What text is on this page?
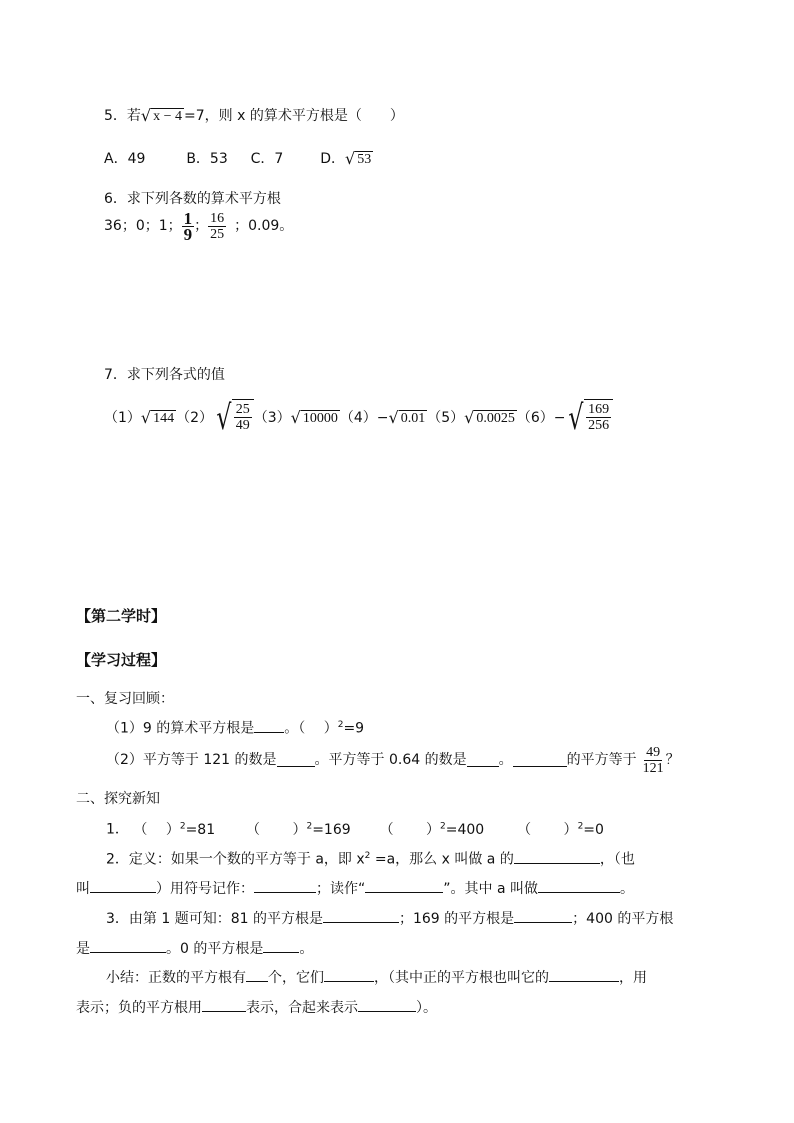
5．若 √ x − 4 =7，则 x 的算术平方根是（　　）
A．49	B．53 C．7	D． √ 53
6．求下列各数的算术平方根
36；0；1； $\frac{1}{9}$ ； $\frac{16}{25}$ ；0.09。
7．求下列各式的值
（1） √ 144 （2） √ $\frac{25}{49} (3)$ √ 10000 （4） − √ 0.01 （5） √ 0.0025 （6） − √ $\frac{169}{256}$
【第二学时】
【学习过程】
一、复习回顾：
（1）9 的算术平方根是 。（　 ）$^2$=9
（2）平方等于 121 的数是	。平方等于 0.64 的数是 。	的平方等于 $\frac{49}{121}$ ？
二、探究新知
1． （　 ）$^2$=81 （　　 ）$^2$=169 （　　 ）$^2$=400 （　　 ）$^2$=0
2．定义：如果一个数的平方等于 a，即 $x^2 =a$，那么 x 叫做 a 的	，（也
叫	）用符号记作：	；读作“	”。其中 a 叫做	。
3．由第 1 题可知：81 的平方根是	；169 的平方根是	；400 的平方根
是	。0 的平方根是	。
小结：正数的平方根有 个，它们	，（其中正的平方根也叫它的	，用
表示；负的平方根用	表示，合起来表示	）。
